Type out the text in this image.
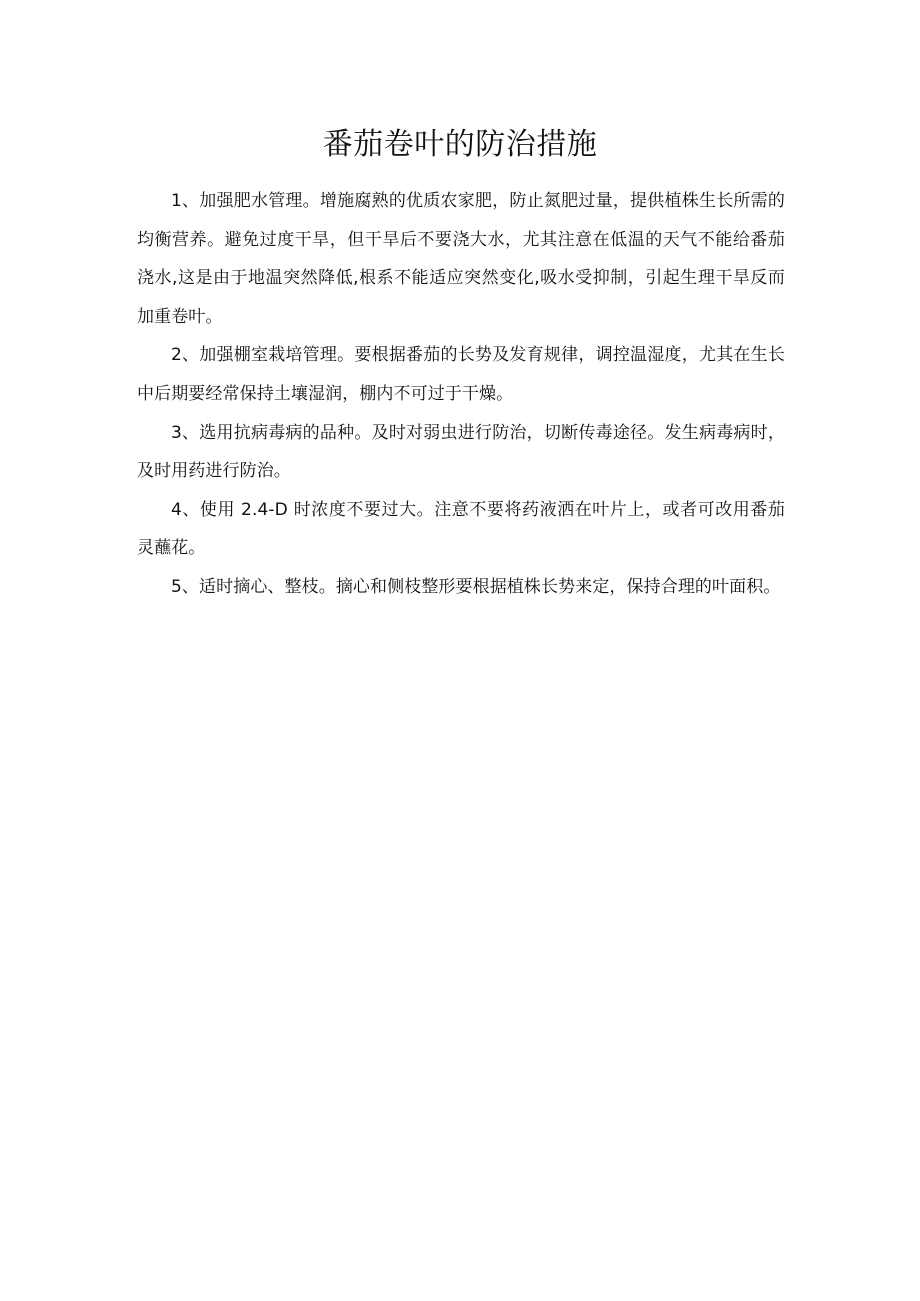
番茄卷叶的防治措施

1、加强肥水管理。增施腐熟的优质农家肥，防止氮肥过量，提供植株生长所需的均衡营养。避免过度干旱，但干旱后不要浇大水，尤其注意在低温的天气不能给番茄浇水,这是由于地温突然降低,根系不能适应突然变化,吸水受抑制，引起生理干旱反而加重卷叶。

2、加强棚室栽培管理。要根据番茄的长势及发育规律，调控温湿度，尤其在生长中后期要经常保持土壤湿润，棚内不可过于干燥。

3、选用抗病毒病的品种。及时对弱虫进行防治，切断传毒途径。发生病毒病时，及时用药进行防治。

4、使用 2.4-D 时浓度不要过大。注意不要将药液洒在叶片上，或者可改用番茄灵蘸花。

5、适时摘心、整枝。摘心和侧枝整形要根据植株长势来定，保持合理的叶面积。
